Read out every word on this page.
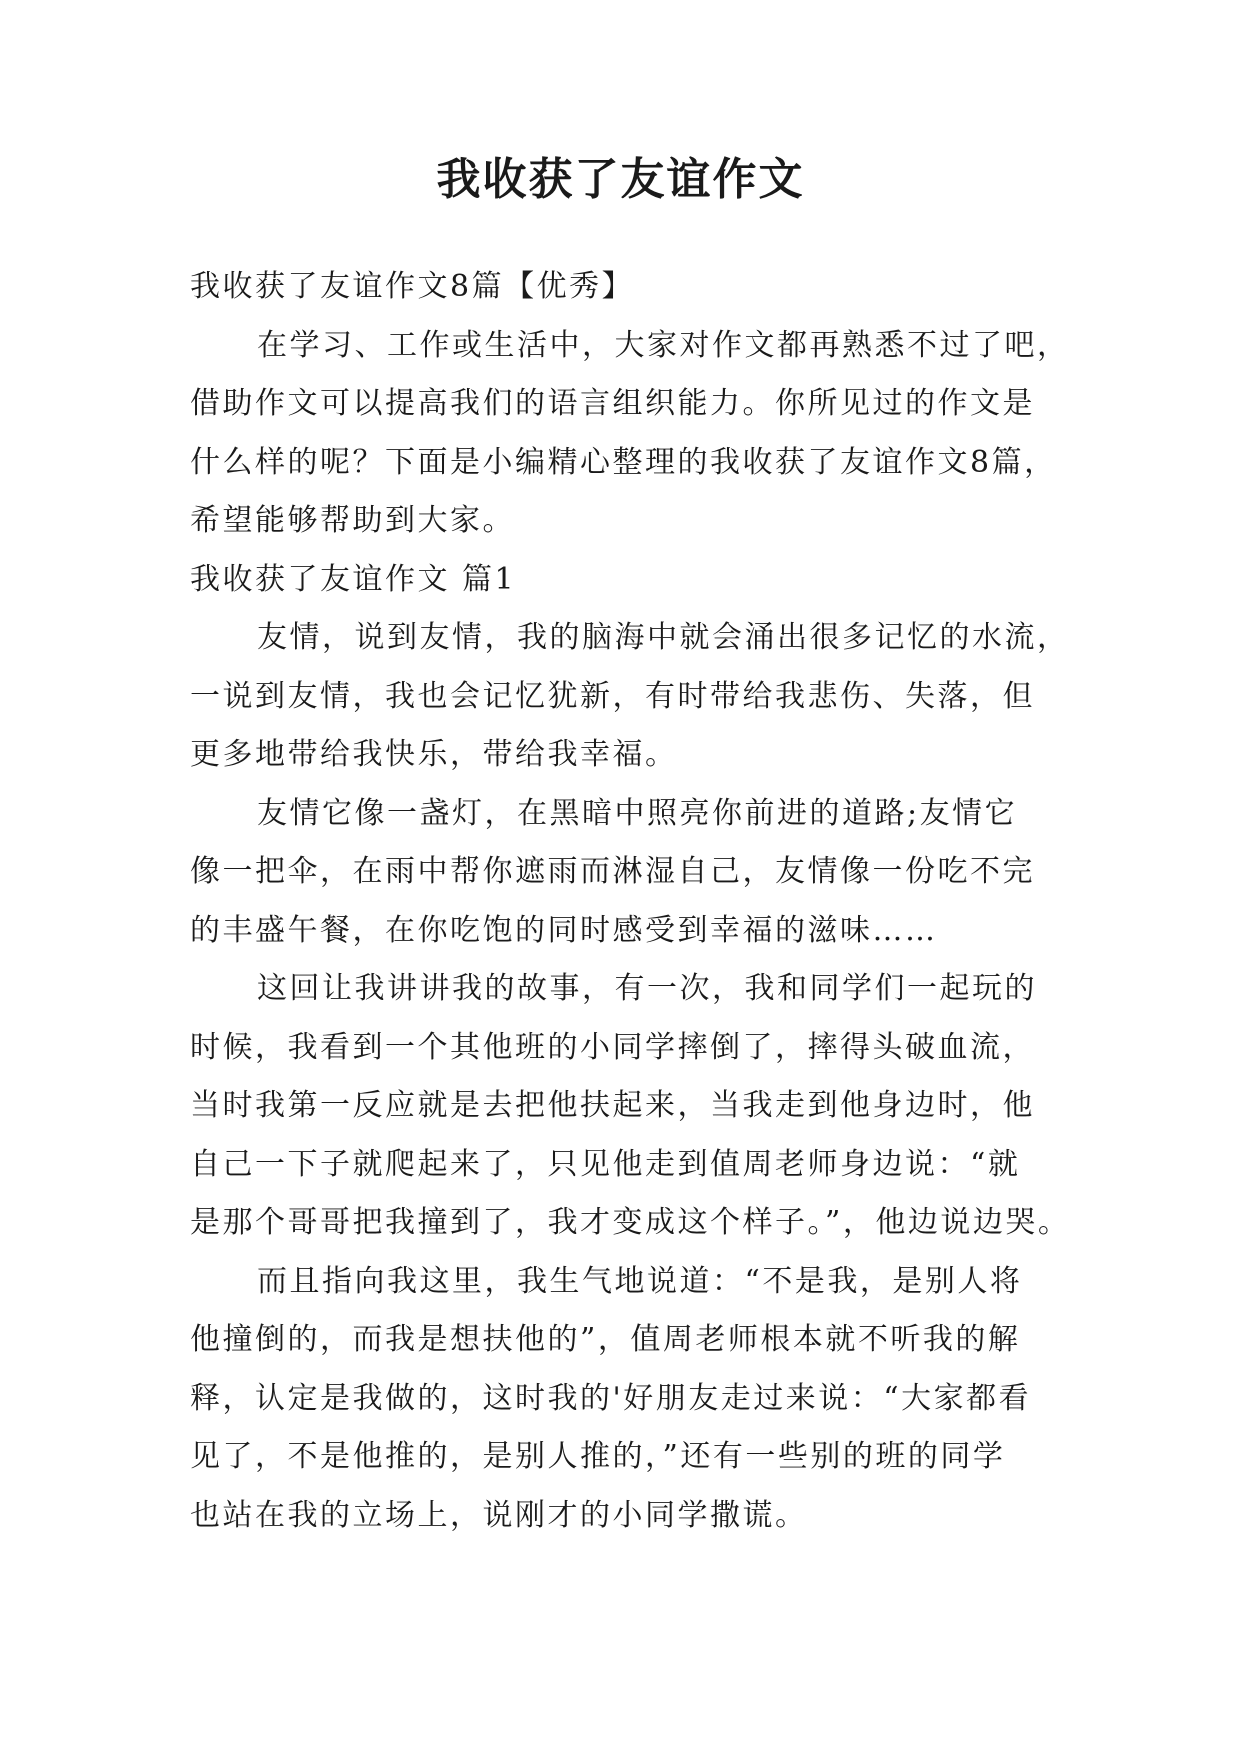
我收获了友谊作文

我收获了友谊作文8篇【优秀】

在学习、工作或生活中，大家对作文都再熟悉不过了吧，

借助作文可以提高我们的语言组织能力。你所见过的作文是

什么样的呢？下面是小编精心整理的我收获了友谊作文8篇，

希望能够帮助到大家。

我收获了友谊作文 篇1

友情，说到友情，我的脑海中就会涌出很多记忆的水流，

一说到友情，我也会记忆犹新，有时带给我悲伤、失落，但

更多地带给我快乐，带给我幸福。

友情它像一盏灯，在黑暗中照亮你前进的道路;友情它

像一把伞，在雨中帮你遮雨而淋湿自己，友情像一份吃不完

的丰盛午餐，在你吃饱的同时感受到幸福的滋味……

这回让我讲讲我的故事，有一次，我和同学们一起玩的

时候，我看到一个其他班的小同学摔倒了，摔得头破血流，

当时我第一反应就是去把他扶起来，当我走到他身边时，他

自己一下子就爬起来了，只见他走到值周老师身边说：“就

是那个哥哥把我撞到了，我才变成这个样子。”，他边说边哭。

而且指向我这里，我生气地说道：“不是我，是别人将

他撞倒的，而我是想扶他的”，值周老师根本就不听我的解

释，认定是我做的，这时我的'好朋友走过来说：“大家都看

见了，不是他推的，是别人推的，”还有一些别的班的同学

也站在我的立场上，说刚才的小同学撒谎。
